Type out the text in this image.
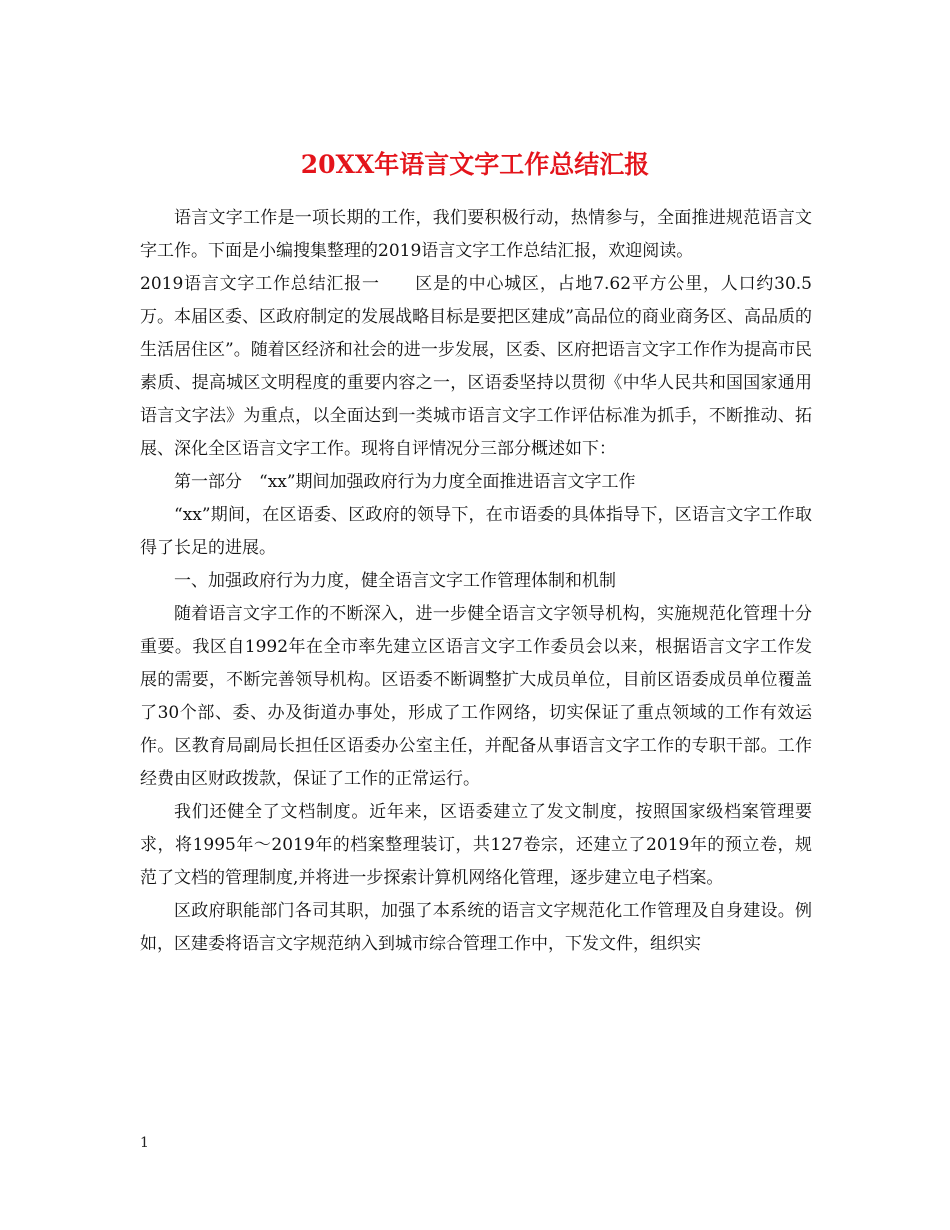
20XX年语言文字工作总结汇报

语言文字工作是一项长期的工作，我们要积极行动，热情参与，全面推进规范语言文字工作。下面是小编搜集整理的2019语言文字工作总结汇报，欢迎阅读。

2019语言文字工作总结汇报一　　区是的中心城区，占地7.62平方公里，人口约30.5万。本届区委、区政府制定的发展战略目标是要把区建成”高品位的商业商务区、高品质的生活居住区”。随着区经济和社会的进一步发展，区委、区府把语言文字工作作为提高市民素质、提高城区文明程度的重要内容之一，区语委坚持以贯彻《中华人民共和国国家通用语言文字法》为重点，以全面达到一类城市语言文字工作评估标准为抓手，不断推动、拓展、深化全区语言文字工作。现将自评情况分三部分概述如下：

第一部分　“xx”期间加强政府行为力度全面推进语言文字工作

“xx”期间，在区语委、区政府的领导下，在市语委的具体指导下，区语言文字工作取得了长足的进展。

一、加强政府行为力度，健全语言文字工作管理体制和机制

随着语言文字工作的不断深入，进一步健全语言文字领导机构，实施规范化管理十分重要。我区自1992年在全市率先建立区语言文字工作委员会以来，根据语言文字工作发展的需要，不断完善领导机构。区语委不断调整扩大成员单位，目前区语委成员单位覆盖了30个部、委、办及街道办事处，形成了工作网络，切实保证了重点领域的工作有效运作。区教育局副局长担任区语委办公室主任，并配备从事语言文字工作的专职干部。工作经费由区财政拨款，保证了工作的正常运行。

我们还健全了文档制度。近年来，区语委建立了发文制度，按照国家级档案管理要求，将1995年～2019年的档案整理装订，共127卷宗，还建立了2019年的预立卷，规范了文档的管理制度,并将进一步探索计算机网络化管理，逐步建立电子档案。

区政府职能部门各司其职，加强了本系统的语言文字规范化工作管理及自身建设。例如，区建委将语言文字规范纳入到城市综合管理工作中，下发文件，组织实

1
